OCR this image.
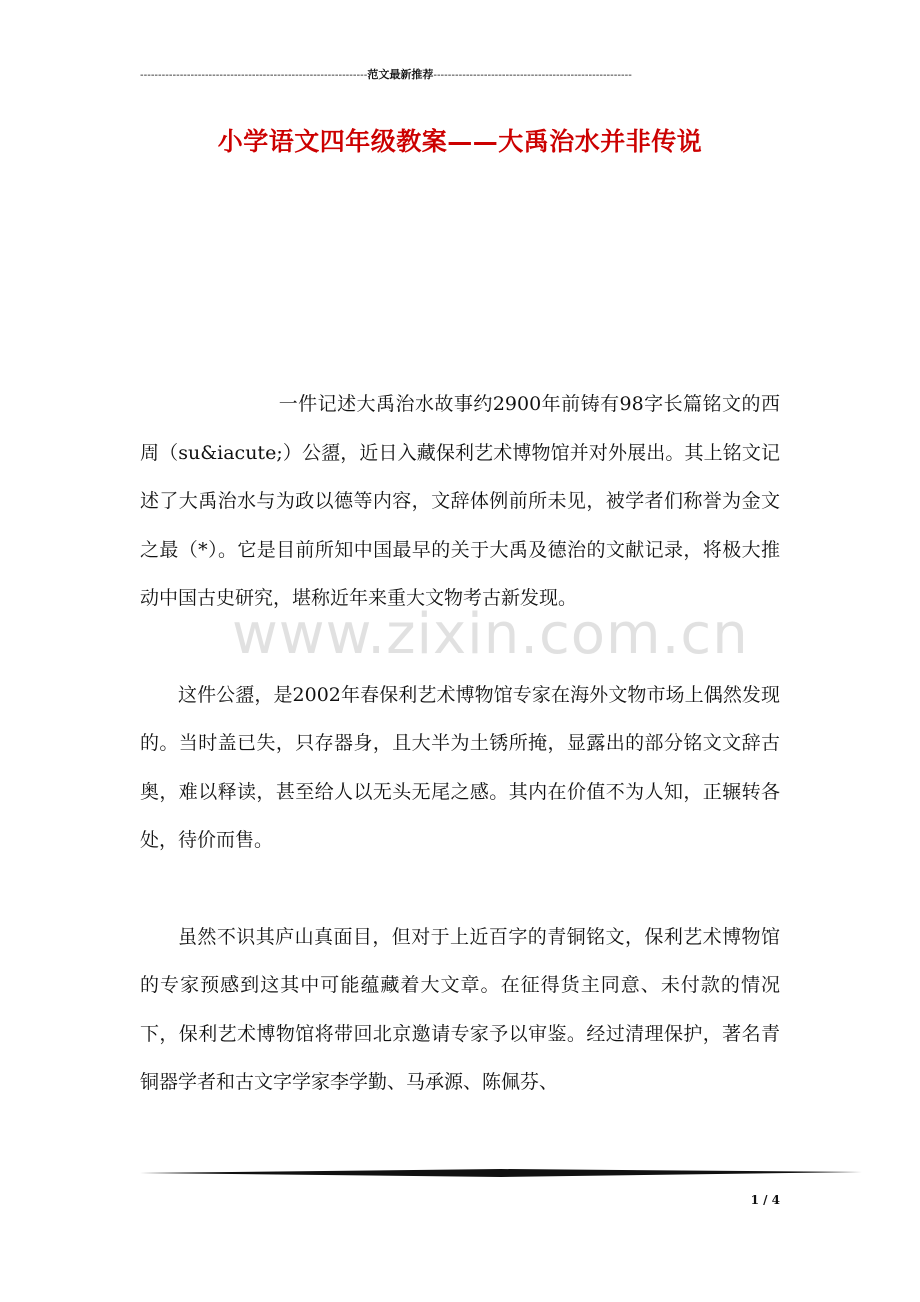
---------------------------------------------------------------范文最新推荐-------------------------------------------------------
小学语文四年级教案——大禹治水并非传说

一件记述大禹治水故事约2900年前铸有98字长篇铭文的西周（su&iacute;）公盨，近日入藏保利艺术博物馆并对外展出。其上铭文记述了大禹治水与为政以德等内容，文辞体例前所未见，被学者们称誉为金文之最（*）。它是目前所知中国最早的关于大禹及德治的文献记录，将极大推动中国古史研究，堪称近年来重大文物考古新发现。

这件公盨，是2002年春保利艺术博物馆专家在海外文物市场上偶然发现的。当时盖已失，只存器身，且大半为土锈所掩，显露出的部分铭文文辞古奥，难以释读，甚至给人以无头无尾之感。其内在价值不为人知，正辗转各处，待价而售。

虽然不识其庐山真面目，但对于上近百字的青铜铭文，保利艺术博物馆的专家预感到这其中可能蕴藏着大文章。在征得货主同意、未付款的情况下，保利艺术博物馆将带回北京邀请专家予以审鉴。经过清理保护，著名青铜器学者和古文字学家李学勤、马承源、陈佩芬、

www.zixin.com.cn
1 / 4
